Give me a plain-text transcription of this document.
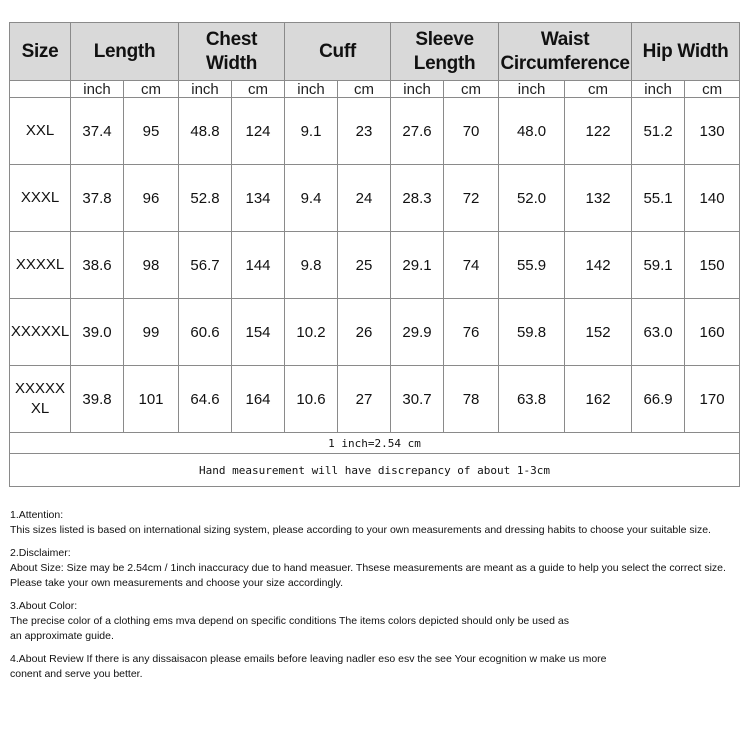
Size	Length		Chest Width		Cuff		Sleeve Length		Waist Circumference		Hip Width	
	inch	cm	inch	cm	inch	cm	inch	cm	inch	cm	inch	cm
XXL	37.4	95	48.8	124	9.1	23	27.6	70	48.0	122	51.2	130
XXXL	37.8	96	52.8	134	9.4	24	28.3	72	52.0	132	55.1	140
XXXXL	38.6	98	56.7	144	9.8	25	29.1	74	55.9	142	59.1	150
XXXXXL	39.0	99	60.6	154	10.2	26	29.9	76	59.8	152	63.0	160
XXXXXXL	39.8	101	64.6	164	10.6	27	30.7	78	63.8	162	66.9	170
1 inch=2.54 cm												
Hand measurement will have discrepancy of about 1-3cm												
1.Attention:
This sizes listed is based on international sizing system, please according to your own measurements and dressing habits to choose your suitable size.
2.Disclaimer:
About Size: Size may be 2.54cm / 1inch inaccuracy due to hand measuer. Thsese measurements are meant as a guide to help you select the correct size.
Please take your own measurements and choose your size accordingly.
3.About Color:
The precise color of a clothing ems mva depend on specific conditions The items colors depicted should only be used as
an approximate guide.
4.About Review If there is any dissaisacon please emails before leaving nadler eso esv the see Your ecognition w make us more
conent and serve you better.
